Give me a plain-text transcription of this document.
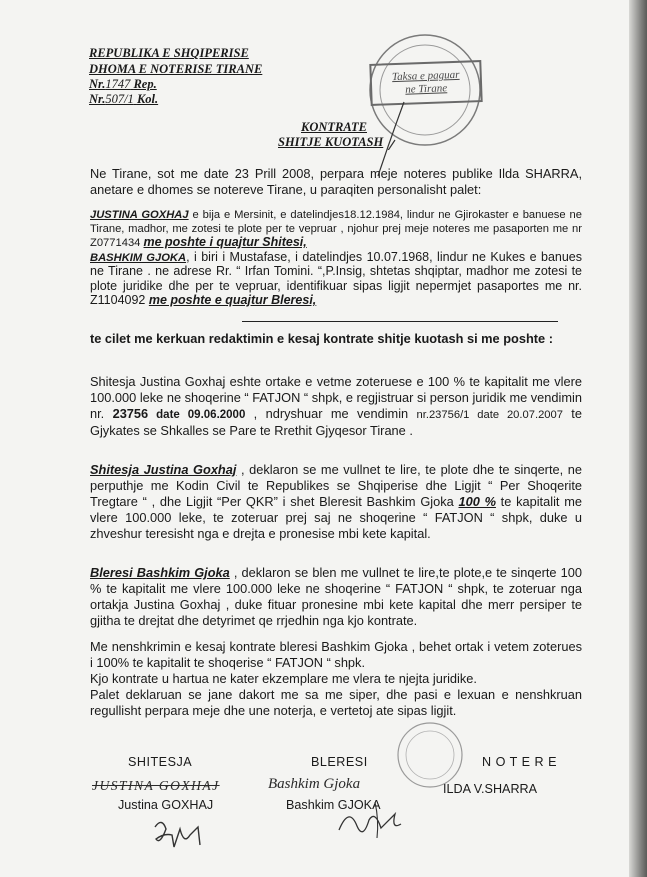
REPUBLIKA E SHQIPERISE
DHOMA E NOTERISE TIRANE
Nr.1747 Rep.
Nr.507/1 Kol.
Taksa e paguar
ne Tirane
KONTRATE
SHITJE KUOTASH
Ne Tirane, sot me date 23 Prill 2008, perpara meje noteres publike Ilda SHARRA, anetare e dhomes se notereve Tirane, u paraqiten personalisht palet:
JUSTINA GOXHAJ e bija e Mersinit, e datelindjes18.12.1984, lindur ne Gjirokaster e banuese ne Tirane, madhor, me zotesi te plote per te vepruar , njohur prej meje noteres me pasaporten me nr Z0771434 me poshte i quajtur Shitesi,
BASHKIM GJOKA, i biri i Mustafase, i datelindjes 10.07.1968, lindur ne Kukes e banues ne Tirane . ne adrese Rr. “ Irfan Tomini. “,P.Insig, shtetas shqiptar, madhor me zotesi te plote juridike dhe per te vepruar, identifikuar sipas ligjit nepermjet pasaportes me nr. Z1104092 me poshte e quajtur Bleresi,
te cilet me kerkuan redaktimin e kesaj kontrate shitje kuotash si me poshte :
Shitesja Justina Goxhaj eshte ortake e vetme zoteruese e 100 % te kapitalit me vlere 100.000 leke ne shoqerine “ FATJON “ shpk, e regjistruar si person juridik me vendimin nr. 23756 date 09.06.2000 , ndryshuar me vendimin nr.23756/1 date 20.07.2007 te Gjykates se Shkalles se Pare te Rrethit Gjyqesor Tirane .
Shitesja Justina Goxhaj , deklaron se me vullnet te lire, te plote dhe te sinqerte, ne perputhje me Kodin Civil te Republikes se Shqiperise dhe Ligjit “ Per Shoqerite Tregtare “ , dhe Ligjit “Per QKR” i shet Bleresit Bashkim Gjoka 100 % te kapitalit me vlere 100.000 leke, te zoteruar prej saj ne shoqerine “ FATJON “ shpk, duke u zhveshur teresisht nga e drejta e pronesise mbi kete kapital.
Bleresi Bashkim Gjoka , deklaron se blen me vullnet te lire,te plote,e te sinqerte 100 % te kapitalit me vlere 100.000 leke ne shoqerine “ FATJON “ shpk, te zoteruar nga ortakja Justina Goxhaj , duke fituar pronesine mbi kete kapital dhe merr persiper te gjitha te drejtat dhe detyrimet qe rrjedhin nga kjo kontrate.
Me nenshkrimin e kesaj kontrate bleresi Bashkim Gjoka , behet ortak i vetem zoterues i 100% te kapitalit te shoqerise “ FATJON “ shpk.
Kjo kontrate u hartua ne kater ekzemplare me vlera te njejta juridike.
Palet deklaruan se jane dakort me sa me siper, dhe pasi e lexuan e nenshkruan regullisht perpara meje dhe une noterja, e vertetoj ate sipas ligjit.
SHITESJA
JUSTINA GOXHAJ
Justina GOXHAJ
BLERESI
Bashkim Gjoka
Bashkim GJOKA
N O T E R E
ILDA V.SHARRA
